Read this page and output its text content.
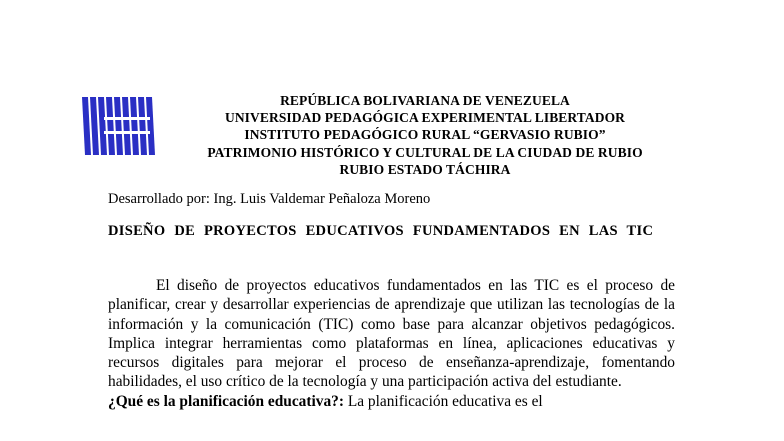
REPÚBLICA BOLIVARIANA DE VENEZUELA
UNIVERSIDAD PEDAGÓGICA EXPERIMENTAL LIBERTADOR
INSTITUTO PEDAGÓGICO RURAL “GERVASIO RUBIO”
PATRIMONIO HISTÓRICO Y CULTURAL DE LA CIUDAD DE RUBIO
RUBIO ESTADO TÁCHIRA
Desarrollado por: Ing. Luis Valdemar Peñaloza Moreno
DISEÑO DE PROYECTOS EDUCATIVOS FUNDAMENTADOS EN LAS TIC

El diseño de proyectos educativos fundamentados en las TIC es el proceso de planificar, crear y desarrollar experiencias de aprendizaje que utilizan las tecnologías de la información y la comunicación (TIC) como base para alcanzar objetivos pedagógicos. Implica integrar herramientas como plataformas en línea, aplicaciones educativas y recursos digitales para mejorar el proceso de enseñanza-aprendizaje, fomentando habilidades, el uso crítico de la tecnología y una participación activa del estudiante.

¿Qué es la planificación educativa?: La planificación educativa es el
